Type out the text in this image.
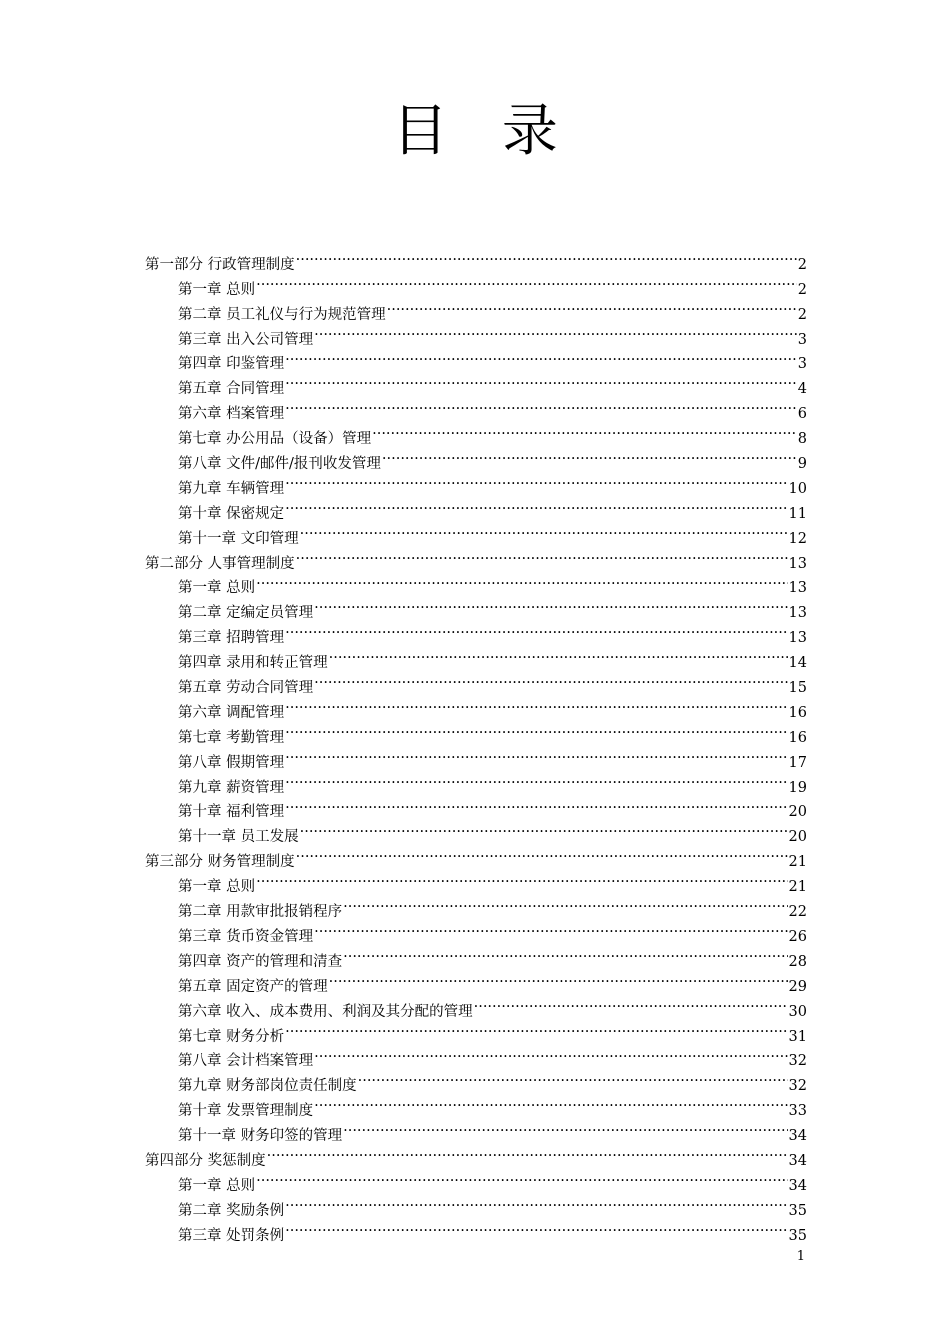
目 录
第一部分 行政管理制度 .....	2
第一章 总则 .....	2
第二章 员工礼仪与行为规范管理 .....	2
第三章 出入公司管理 .....	3
第四章 印鉴管理 .....	3
第五章 合同管理 .....	4
第六章 档案管理 .....	6
第七章 办公用品（设备）管理 .....	8
第八章 文件/邮件/报刊收发管理 .....	9
第九章 车辆管理 .....	10
第十章 保密规定 .....	11
第十一章 文印管理 .....	12
第二部分 人事管理制度 .....	13
第一章 总则 .....	13
第二章 定编定员管理 .....	13
第三章 招聘管理 .....	13
第四章 录用和转正管理 .....	14
第五章 劳动合同管理 .....	15
第六章 调配管理 .....	16
第七章 考勤管理 .....	16
第八章 假期管理 .....	17
第九章 薪资管理 .....	19
第十章 福利管理 .....	20
第十一章 员工发展 .....	20
第三部分 财务管理制度 .....	21
第一章 总则 .....	21
第二章 用款审批报销程序 .....	22
第三章 货币资金管理 .....	26
第四章 资产的管理和清查 .....	28
第五章 固定资产的管理 .....	29
第六章 收入、成本费用、利润及其分配的管理 .....	30
第七章 财务分析 .....	31
第八章 会计档案管理 .....	32
第九章 财务部岗位责任制度 .....	32
第十章 发票管理制度 .....	33
第十一章 财务印签的管理 .....	34
第四部分 奖惩制度 .....	34
第一章 总则 .....	34
第二章 奖励条例 .....	35
第三章 处罚条例 .....	35
1
